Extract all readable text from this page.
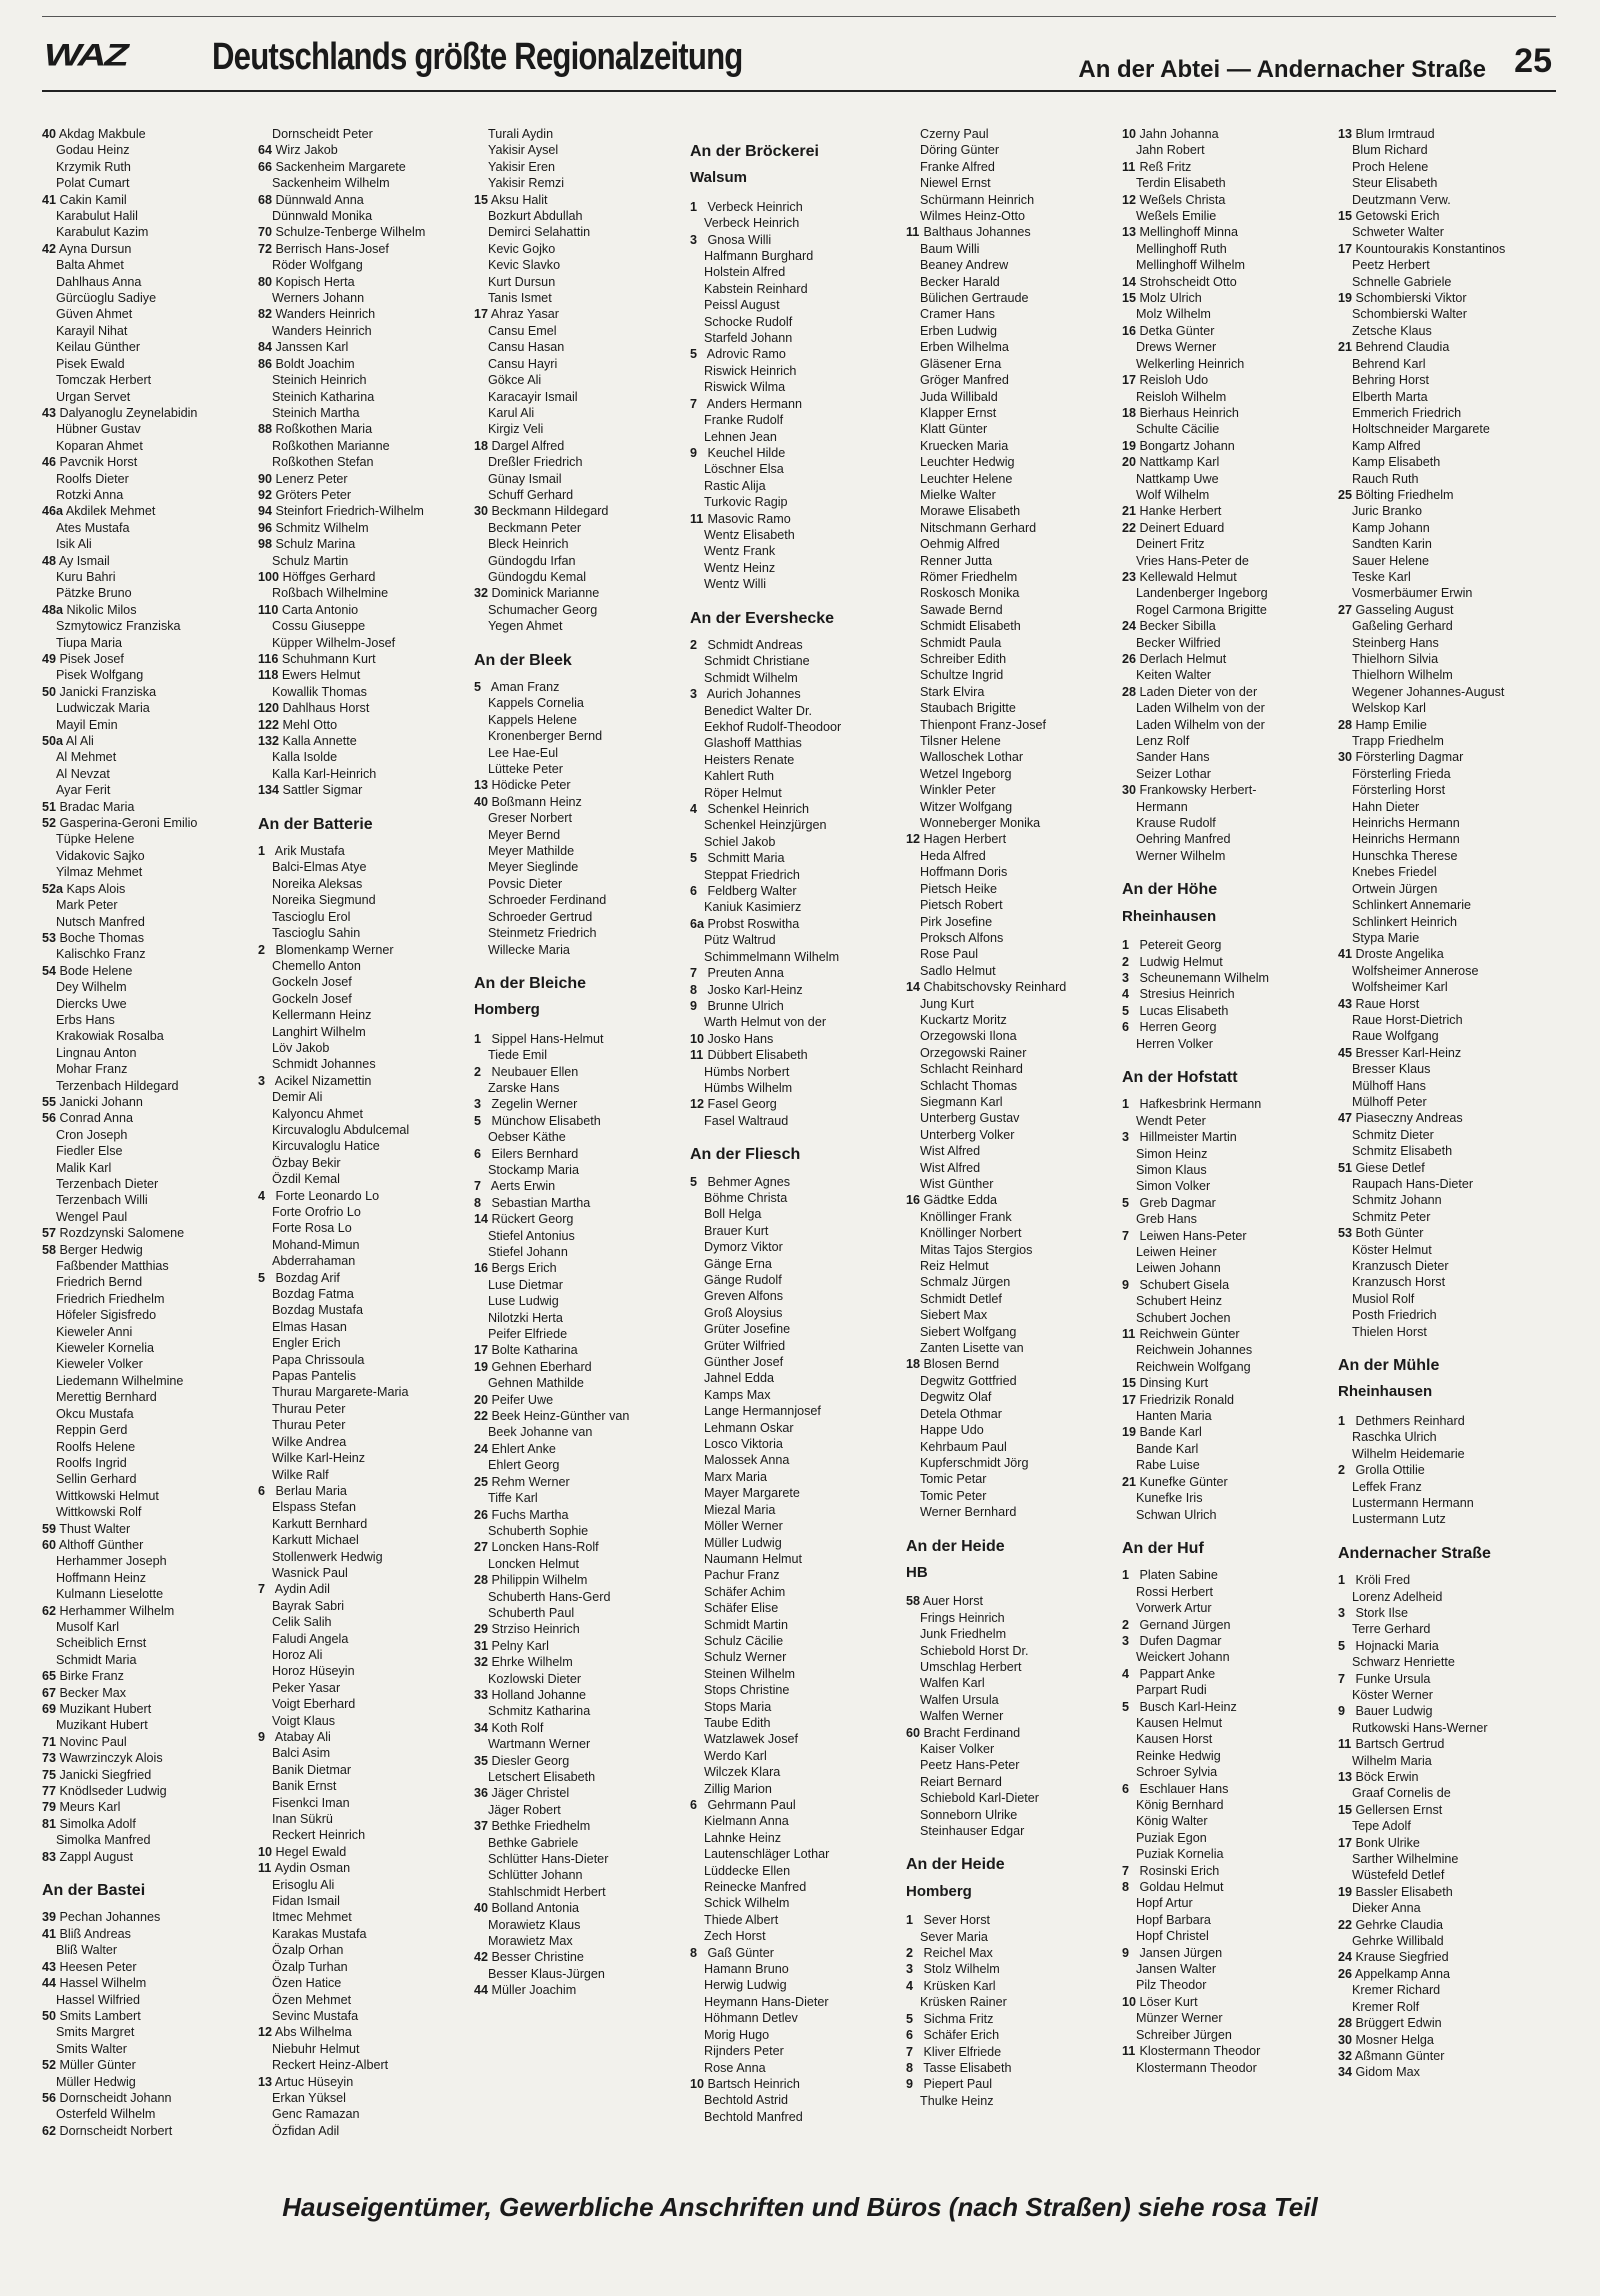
WAZ Deutschlands größte Regionalzeitung	An der Abtei — Andernacher Straße 25
40 Akdag Makbule
Godau Heinz
Krzymik Ruth
Polat Cumart
41 Cakin Kamil
Karabulut Halil
Karabulut Kazim
42 Ayna Dursun
Balta Ahmet
Dahlhaus Anna
Gürcüoglu Sadiye
Güven Ahmet
Karayil Nihat
Keilau Günther
Pisek Ewald
Tomczak Herbert
Urgan Servet
43 Dalyanoglu Zeynelabidin
Hübner Gustav
Koparan Ahmet
46 Pavcnik Horst
Roolfs Dieter
Rotzki Anna
46a Akdilek Mehmet
Ates Mustafa
Isik Ali
48 Ay Ismail
Kuru Bahri
Pätzke Bruno
48a Nikolic Milos
Szmytowicz Franziska
Tiupa Maria
49 Pisek Josef
Pisek Wolfgang
50 Janicki Franziska
Ludwiczak Maria
Mayil Emin
50a Al Ali
Al Mehmet
Al Nevzat
Ayar Ferit
51 Bradac Maria
52 Gasperina-Geroni Emilio
Tüpke Helene
Vidakovic Sajko
Yilmaz Mehmet
52a Kaps Alois
Mark Peter
Nutsch Manfred
53 Boche Thomas
Kalischko Franz
54 Bode Helene
Dey Wilhelm
Diercks Uwe
Erbs Hans
Krakowiak Rosalba
Lingnau Anton
Mohar Franz
Terzenbach Hildegard
55 Janicki Johann
56 Conrad Anna
Cron Joseph
Fiedler Else
Malik Karl
Terzenbach Dieter
Terzenbach Willi
Wengel Paul
57 Rozdzynski Salomene
58 Berger Hedwig
Faßbender Matthias
Friedrich Bernd
Friedrich Friedhelm
Höfeler Sigisfredo
Kieweler Anni
Kieweler Kornelia
Kieweler Volker
Liedemann Wilhelmine
Merettig Bernhard
Okcu Mustafa
Reppin Gerd
Roolfs Helene
Roolfs Ingrid
Sellin Gerhard
Wittkowski Helmut
Wittkowski Rolf
59 Thust Walter
60 Althoff Günther
Herhammer Joseph
Hoffmann Heinz
Kulmann Lieselotte
62 Herhammer Wilhelm
Musolf Karl
Scheiblich Ernst
Schmidt Maria
65 Birke Franz
67 Becker Max
69 Muzikant Hubert
Muzikant Hubert
71 Novinc Paul
73 Wawrzinczyk Alois
75 Janicki Siegfried
77 Knödlseder Ludwig
79 Meurs Karl
81 Simolka Adolf
Simolka Manfred
83 Zappl August
An der Bastei
39 Pechan Johannes
41 Bliß Andreas
Bliß Walter
43 Heesen Peter
44 Hassel Wilhelm
Hassel Wilfried
50 Smits Lambert
Smits Margret
Smits Walter
52 Müller Günter
Müller Hedwig
56 Dornscheidt Johann
Osterfeld Wilhelm
62 Dornscheidt Norbert
Dornscheidt Peter
64 Wirz Jakob
66 Sackenheim Margarete
Sackenheim Wilhelm
68 Dünnwald Anna
Dünnwald Monika
70 Schulze-Tenberge Wilhelm
72 Berrisch Hans-Josef
Röder Wolfgang
80 Kopisch Herta
Werners Johann
82 Wanders Heinrich
Wanders Heinrich
84 Janssen Karl
86 Boldt Joachim
Steinich Heinrich
Steinich Katharina
Steinich Martha
88 Roßkothen Maria
Roßkothen Marianne
Roßkothen Stefan
90 Lenerz Peter
92 Gröters Peter
94 Steinfort Friedrich-Wilhelm
96 Schmitz Wilhelm
98 Schulz Marina
Schulz Martin
100 Höffges Gerhard
Roßbach Wilhelmine
110 Carta Antonio
Cossu Giuseppe
Küpper Wilhelm-Josef
116 Schuhmann Kurt
118 Ewers Helmut
Kowallik Thomas
120 Dahlhaus Horst
122 Mehl Otto
132 Kalla Annette
Kalla Isolde
Kalla Karl-Heinrich
134 Sattler Sigmar
An der Batterie
1 Arik Mustafa
Balci-Elmas Atye
Noreika Aleksas
Noreika Siegmund
Tascioglu Erol
Tascioglu Sahin
2 Blomenkamp Werner
Chemello Anton
Gockeln Josef
Gockeln Josef
Kellermann Heinz
Langhirt Wilhelm
Löv Jakob
Schmidt Johannes
3 Acikel Nizamettin
Demir Ali
Kalyoncu Ahmet
Kircuvaloglu Abdulcemal
Kircuvaloglu Hatice
Özbay Bekir
Özdil Kemal
4 Forte Leonardo Lo
Forte Orofrio Lo
Forte Rosa Lo
Mohand-Mimun
Abderrahaman
5 Bozdag Arif
Bozdag Fatma
Bozdag Mustafa
Elmas Hasan
Engler Erich
Papa Chrissoula
Papas Pantelis
Thurau Margarete-Maria
Thurau Peter
Thurau Peter
Wilke Andrea
Wilke Karl-Heinz
Wilke Ralf
6 Berlau Maria
Elspass Stefan
Karkutt Bernhard
Karkutt Michael
Stollenwerk Hedwig
Wasnick Paul
7 Aydin Adil
Bayrak Sabri
Celik Salih
Faludi Angela
Horoz Ali
Horoz Hüseyin
Peker Yasar
Voigt Eberhard
Voigt Klaus
9 Atabay Ali
Balci Asim
Banik Dietmar
Banik Ernst
Fisenkci Iman
Inan Sükrü
Reckert Heinrich
10 Hegel Ewald
11 Aydin Osman
Erisoglu Ali
Fidan Ismail
Itmec Mehmet
Karakas Mustafa
Özalp Orhan
Özalp Turhan
Özen Hatice
Özen Mehmet
Sevinc Mustafa
12 Abs Wilhelma
Niebuhr Helmut
Reckert Heinz-Albert
13 Artuc Hüseyin
Erkan Yüksel
Genc Ramazan
Özfidan Adil
Turali Aydin
Yakisir Aysel
Yakisir Eren
Yakisir Remzi
15 Aksu Halit
Bozkurt Abdullah
Demirci Selahattin
Kevic Gojko
Kevic Slavko
Kurt Dursun
Tanis Ismet
17 Ahraz Yasar
Cansu Emel
Cansu Hasan
Cansu Hayri
Gökce Ali
Karacayir Ismail
Karul Ali
Kirgiz Veli
18 Dargel Alfred
Dreßler Friedrich
Günay Ismail
Schuff Gerhard
30 Beckmann Hildegard
Beckmann Peter
Bleck Heinrich
Gündogdu Irfan
Gündogdu Kemal
32 Dominick Marianne
Schumacher Georg
Yegen Ahmet
An der Bleek
5 Aman Franz
Kappels Cornelia
Kappels Helene
Kronenberger Bernd
Lee Hae-Eul
Lütteke Peter
13 Hödicke Peter
40 Boßmann Heinz
Greser Norbert
Meyer Bernd
Meyer Mathilde
Meyer Sieglinde
Povsic Dieter
Schroeder Ferdinand
Schroeder Gertrud
Steinmetz Friedrich
Willecke Maria
An der Bleiche
Homberg
1 Sippel Hans-Helmut
Tiede Emil
2 Neubauer Ellen
Zarske Hans
3 Zegelin Werner
5 Münchow Elisabeth
Oebser Käthe
6 Eilers Bernhard
Stockamp Maria
7 Aerts Erwin
8 Sebastian Martha
14 Rückert Georg
Stiefel Antonius
Stiefel Johann
16 Bergs Erich
Luse Dietmar
Luse Ludwig
Nilotzki Herta
Peifer Elfriede
17 Bolte Katharina
19 Gehnen Eberhard
Gehnen Mathilde
20 Peifer Uwe
22 Beek Heinz-Günther van
Beek Johanne van
24 Ehlert Anke
Ehlert Georg
25 Rehm Werner
Tiffe Karl
26 Fuchs Martha
Schuberth Sophie
27 Loncken Hans-Rolf
Loncken Helmut
28 Philippin Wilhelm
Schuberth Hans-Gerd
Schuberth Paul
29 Strziso Heinrich
31 Pelny Karl
32 Ehrke Wilhelm
Kozlowski Dieter
33 Holland Johanne
Schmitz Katharina
34 Koth Rolf
Wartmann Werner
35 Diesler Georg
Letschert Elisabeth
36 Jäger Christel
Jäger Robert
37 Bethke Friedhelm
Bethke Gabriele
Schlütter Hans-Dieter
Schlütter Johann
Stahlschmidt Herbert
40 Bolland Antonia
Morawietz Klaus
Morawietz Max
42 Besser Christine
Besser Klaus-Jürgen
44 Müller Joachim
An der Bröckerei
Walsum
1 Verbeck Heinrich
Verbeck Heinrich
3 Gnosa Willi
Halfmann Burghard
Holstein Alfred
Kabstein Reinhard
Peissl August
Schocke Rudolf
Starfeld Johann
5 Adrovic Ramo
Riswick Heinrich
Riswick Wilma
7 Anders Hermann
Franke Rudolf
Lehnen Jean
9 Keuchel Hilde
Löschner Elsa
Rastic Alija
Turkovic Ragip
11 Masovic Ramo
Wentz Elisabeth
Wentz Frank
Wentz Heinz
Wentz Willi
An der Evershecke
2 Schmidt Andreas
Schmidt Christiane
Schmidt Wilhelm
3 Aurich Johannes
Benedict Walter Dr.
Eekhof Rudolf-Theodoor
Glashoff Matthias
Heisters Renate
Kahlert Ruth
Röper Helmut
4 Schenkel Heinrich
Schenkel Heinzjürgen
Schiel Jakob
5 Schmitt Maria
Steppat Friedrich
6 Feldberg Walter
Kaniuk Kasimierz
6a Probst Roswitha
Pütz Waltrud
Schimmelmann Wilhelm
7 Preuten Anna
8 Josko Karl-Heinz
9 Brunne Ulrich
Warth Helmut von der
10 Josko Hans
11 Dübbert Elisabeth
Hümbs Norbert
Hümbs Wilhelm
12 Fasel Georg
Fasel Waltraud
An der Fliesch
5 Behmer Agnes
Böhme Christa
Boll Helga
Brauer Kurt
Dymorz Viktor
Gänge Erna
Gänge Rudolf
Greven Alfons
Groß Aloysius
Grüter Josefine
Grüter Wilfried
Günther Josef
Jahnel Edda
Kamps Max
Lange Hermannjosef
Lehmann Oskar
Losco Viktoria
Malossek Anna
Marx Maria
Mayer Margarete
Miezal Maria
Möller Werner
Müller Ludwig
Naumann Helmut
Pachur Franz
Schäfer Achim
Schäfer Elise
Schmidt Martin
Schulz Cäcilie
Schulz Werner
Steinen Wilhelm
Stops Christine
Stops Maria
Taube Edith
Watzlawek Josef
Werdo Karl
Wilczek Klara
Zillig Marion
6 Gehrmann Paul
Kielmann Anna
Lahnke Heinz
Lautenschläger Lothar
Lüddecke Ellen
Reinecke Manfred
Schick Wilhelm
Thiede Albert
Zech Horst
8 Gaß Günter
Hamann Bruno
Herwig Ludwig
Heymann Hans-Dieter
Höhmann Detlev
Morig Hugo
Rijnders Peter
Rose Anna
10 Bartsch Heinrich
Bechtold Astrid
Bechtold Manfred
Czerny Paul
Döring Günter
Franke Alfred
Niewel Ernst
Schürmann Heinrich
Wilmes Heinz-Otto
11 Balthaus Johannes
Baum Willi
Beaney Andrew
Becker Harald
Bülichen Gertraude
Cramer Hans
Erben Ludwig
Erben Wilhelma
Gläsener Erna
Gröger Manfred
Juda Willibald
Klapper Ernst
Klatt Günter
Kruecken Maria
Leuchter Hedwig
Leuchter Helene
Mielke Walter
Morawe Elisabeth
Nitschmann Gerhard
Oehmig Alfred
Renner Jutta
Römer Friedhelm
Roskosch Monika
Sawade Bernd
Schmidt Elisabeth
Schmidt Paula
Schreiber Edith
Schultze Ingrid
Stark Elvira
Staubach Brigitte
Thienpont Franz-Josef
Tilsner Helene
Walloschek Lothar
Wetzel Ingeborg
Winkler Peter
Witzer Wolfgang
Wonneberger Monika
12 Hagen Herbert
Heda Alfred
Hoffmann Doris
Pietsch Heike
Pietsch Robert
Pirk Josefine
Proksch Alfons
Rose Paul
Sadlo Helmut
14 Chabitschovsky Reinhard
Jung Kurt
Kuckartz Moritz
Orzegowski Ilona
Orzegowski Rainer
Schlacht Reinhard
Schlacht Thomas
Siegmann Karl
Unterberg Gustav
Unterberg Volker
Wist Alfred
Wist Alfred
Wist Günther
16 Gädtke Edda
Knöllinger Frank
Knöllinger Norbert
Mitas Tajos Stergios
Reiz Helmut
Schmalz Jürgen
Schmidt Detlef
Siebert Max
Siebert Wolfgang
Zanten Lisette van
18 Blosen Bernd
Degwitz Gottfried
Degwitz Olaf
Detela Othmar
Happe Udo
Kehrbaum Paul
Kupferschmidt Jörg
Tomic Petar
Tomic Peter
Werner Bernhard
An der Heide
HB
58 Auer Horst
Frings Heinrich
Junk Friedhelm
Schiebold Horst Dr.
Umschlag Herbert
Walfen Karl
Walfen Ursula
Walfen Werner
60 Bracht Ferdinand
Kaiser Volker
Peetz Hans-Peter
Reiart Bernard
Schiebold Karl-Dieter
Sonneborn Ulrike
Steinhauser Edgar
An der Heide
Homberg
1 Sever Horst
Sever Maria
2 Reichel Max
3 Stolz Wilhelm
4 Krüsken Karl
Krüsken Rainer
5 Sichma Fritz
6 Schäfer Erich
7 Kliver Elfriede
8 Tasse Elisabeth
9 Piepert Paul
Thulke Heinz
10 Jahn Johanna
Jahn Robert
11 Reß Fritz
Terdin Elisabeth
12 Weßels Christa
Weßels Emilie
13 Mellinghoff Minna
Mellinghoff Ruth
Mellinghoff Wilhelm
14 Strohscheidt Otto
15 Molz Ulrich
Molz Wilhelm
16 Detka Günter
Drews Werner
Welkerling Heinrich
17 Reisloh Udo
Reisloh Wilhelm
18 Bierhaus Heinrich
Schulte Cäcilie
19 Bongartz Johann
20 Nattkamp Karl
Nattkamp Uwe
Wolf Wilhelm
21 Hanke Herbert
22 Deinert Eduard
Deinert Fritz
Vries Hans-Peter de
23 Kellewald Helmut
Landenberger Ingeborg
Rogel Carmona Brigitte
24 Becker Sibilla
Becker Wilfried
26 Derlach Helmut
Keiten Walter
28 Laden Dieter von der
Laden Wilhelm von der
Laden Wilhelm von der
Lenz Rolf
Sander Hans
Seizer Lothar
30 Frankowsky Herbert-
Hermann
Krause Rudolf
Oehring Manfred
Werner Wilhelm
An der Höhe
Rheinhausen
1 Petereit Georg
2 Ludwig Helmut
3 Scheunemann Wilhelm
4 Stresius Heinrich
5 Lucas Elisabeth
6 Herren Georg
Herren Volker
An der Hofstatt
1 Hafkesbrink Hermann
Wendt Peter
3 Hillmeister Martin
Simon Heinz
Simon Klaus
Simon Volker
5 Greb Dagmar
Greb Hans
7 Leiwen Hans-Peter
Leiwen Heiner
Leiwen Johann
9 Schubert Gisela
Schubert Heinz
Schubert Jochen
11 Reichwein Günter
Reichwein Johannes
Reichwein Wolfgang
15 Dinsing Kurt
17 Friedrizik Ronald
Hanten Maria
19 Bande Karl
Bande Karl
Rabe Luise
21 Kunefke Günter
Kunefke Iris
Schwan Ulrich
An der Huf
1 Platen Sabine
Rossi Herbert
Vorwerk Artur
2 Gernand Jürgen
3 Dufen Dagmar
Weickert Johann
4 Pappart Anke
Parpart Rudi
5 Busch Karl-Heinz
Kausen Helmut
Kausen Horst
Reinke Hedwig
Schroer Sylvia
6 Eschlauer Hans
König Bernhard
König Walter
Puziak Egon
Puziak Kornelia
7 Rosinski Erich
8 Goldau Helmut
Hopf Artur
Hopf Barbara
Hopf Christel
9 Jansen Jürgen
Jansen Walter
Pilz Theodor
10 Löser Kurt
Münzer Werner
Schreiber Jürgen
11 Klostermann Theodor
Klostermann Theodor
13 Blum Irmtraud
Blum Richard
Proch Helene
Steur Elisabeth
Deutzmann Verw.
15 Getowski Erich
Schweter Walter
17 Kountourakis Konstantinos
Peetz Herbert
Schnelle Gabriele
19 Schombierski Viktor
Schombierski Walter
Zetsche Klaus
21 Behrend Claudia
Behrend Karl
Behring Horst
Elberth Marta
Emmerich Friedrich
Holtschneider Margarete
Kamp Alfred
Kamp Elisabeth
Rauch Ruth
25 Bölting Friedhelm
Juric Branko
Kamp Johann
Sandten Karin
Sauer Helene
Teske Karl
Vosmerbäumer Erwin
27 Gasseling August
Gaßeling Gerhard
Steinberg Hans
Thielhorn Silvia
Thielhorn Wilhelm
Wegener Johannes-August
Welskop Karl
28 Hamp Emilie
Trapp Friedhelm
30 Försterling Dagmar
Försterling Frieda
Försterling Horst
Hahn Dieter
Heinrichs Hermann
Heinrichs Hermann
Hunschka Therese
Knebes Friedel
Ortwein Jürgen
Schlinkert Annemarie
Schlinkert Heinrich
Stypa Marie
41 Droste Angelika
Wolfsheimer Annerose
Wolfsheimer Karl
43 Raue Horst
Raue Horst-Dietrich
Raue Wolfgang
45 Bresser Karl-Heinz
Bresser Klaus
Mülhoff Hans
Mülhoff Peter
47 Piaseczny Andreas
Schmitz Dieter
Schmitz Elisabeth
51 Giese Detlef
Raupach Hans-Dieter
Schmitz Johann
Schmitz Peter
53 Both Günter
Köster Helmut
Kranzusch Dieter
Kranzusch Horst
Musiol Rolf
Posth Friedrich
Thielen Horst
An der Mühle
Rheinhausen
1 Dethmers Reinhard
Raschka Ulrich
Wilhelm Heidemarie
2 Grolla Ottilie
Leffek Franz
Lustermann Hermann
Lustermann Lutz
Andernacher Straße
1 Kröli Fred
Lorenz Adelheid
3 Stork Ilse
Terre Gerhard
5 Hojnacki Maria
Schwarz Henriette
7 Funke Ursula
Köster Werner
9 Bauer Ludwig
Rutkowski Hans-Werner
11 Bartsch Gertrud
Wilhelm Maria
13 Böck Erwin
Graaf Cornelis de
15 Gellersen Ernst
Tepe Adolf
17 Bonk Ulrike
Sarther Wilhelmine
Wüstefeld Detlef
19 Bassler Elisabeth
Dieker Anna
22 Gehrke Claudia
Gehrke Willibald
24 Krause Siegfried
26 Appelkamp Anna
Kremer Richard
Kremer Rolf
28 Brüggert Edwin
30 Mosner Helga
32 Aßmann Günter
34 Gidom Max
Hauseigentümer, Gewerbliche Anschriften und Büros (nach Straßen) siehe rosa Teil
